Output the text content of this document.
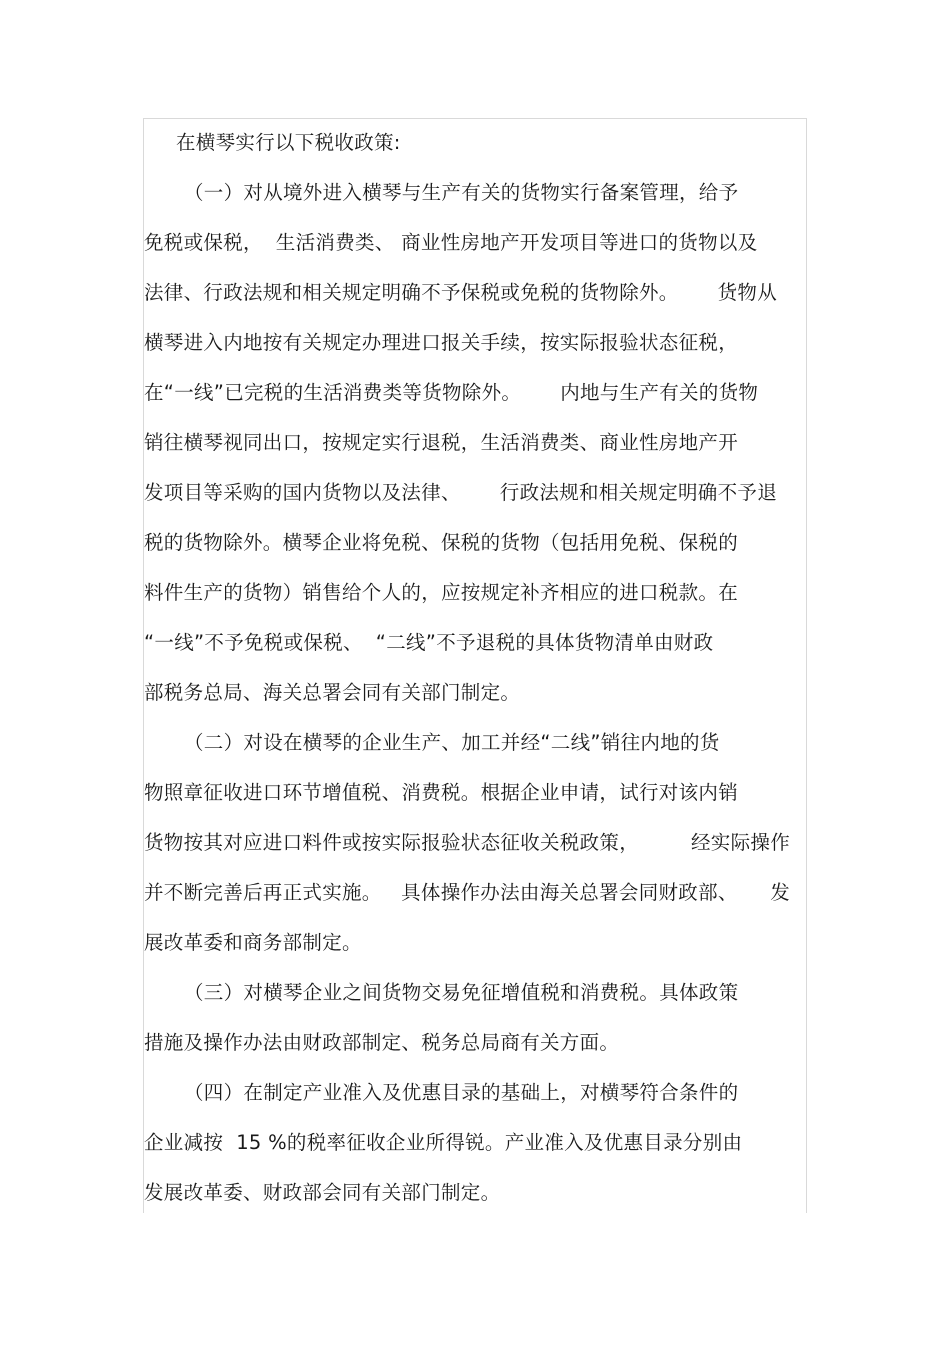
在横琴实行以下税收政策:
（一）对从境外进入横琴与生产有关的货物实行备案管理，给予
免税或保税，  生活消费类、 商业性房地产开发项目等进口的货物以及
法律、行政法规和相关规定明确不予保税或免税的货物除外。      货物从
横琴进入内地按有关规定办理进口报关手续，按实际报验状态征税，
在“一线”已完税的生活消费类等货物除外。      内地与生产有关的货物
销往横琴视同出口，按规定实行退税，生活消费类、商业性房地产开
发项目等采购的国内货物以及法律、      行政法规和相关规定明确不予退
税的货物除外。横琴企业将免税、保税的货物（包括用免税、保税的
料件生产的货物）销售给个人的，应按规定补齐相应的进口税款。在
“一线”不予免税或保税、  “二线”不予退税的具体货物清单由财政
部税务总局、海关总署会同有关部门制定。
（二）对设在横琴的企业生产、加工并经“二线”销往内地的货
物照章征收进口环节增值税、消费税。根据企业申请，试行对该内销
货物按其对应进口料件或按实际报验状态征收关税政策，        经实际操作
并不断完善后再正式实施。   具体操作办法由海关总署会同财政部、     发
展改革委和商务部制定。
（三）对横琴企业之间货物交易免征增值税和消费税。具体政策
措施及操作办法由财政部制定、税务总局商有关方面。
（四）在制定产业准入及优惠目录的基础上，对横琴符合条件的
企业减按  15 %的税率征收企业所得锐。产业准入及优惠目录分别由
发展改革委、财政部会同有关部门制定。
